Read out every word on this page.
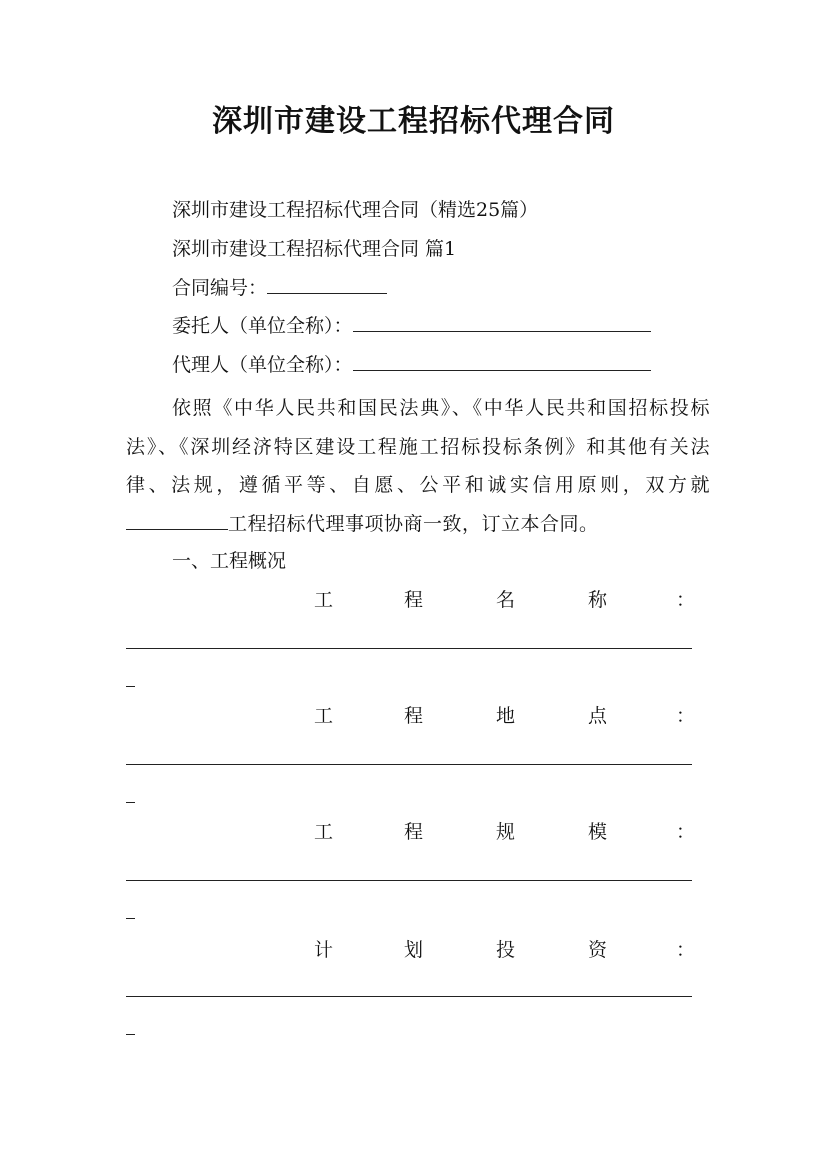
深圳市建设工程招标代理合同
深圳市建设工程招标代理合同（精选25篇）
深圳市建设工程招标代理合同 篇1
合同编号：
委托人（单位全称）：
代理人（单位全称）：
依照《中华人民共和国民法典》、《中华人民共和国招标投标法》、《深圳经济特区建设工程施工招标投标条例》和其他有关法律、法规，遵循平等、自愿、公平和诚实信用原则，双方就工程招标代理事项协商一致，订立本合同。
一、工程概况
工	程	名	称	：
工	程	地	点	：
工	程	规	模	：
计	划	投	资	：
